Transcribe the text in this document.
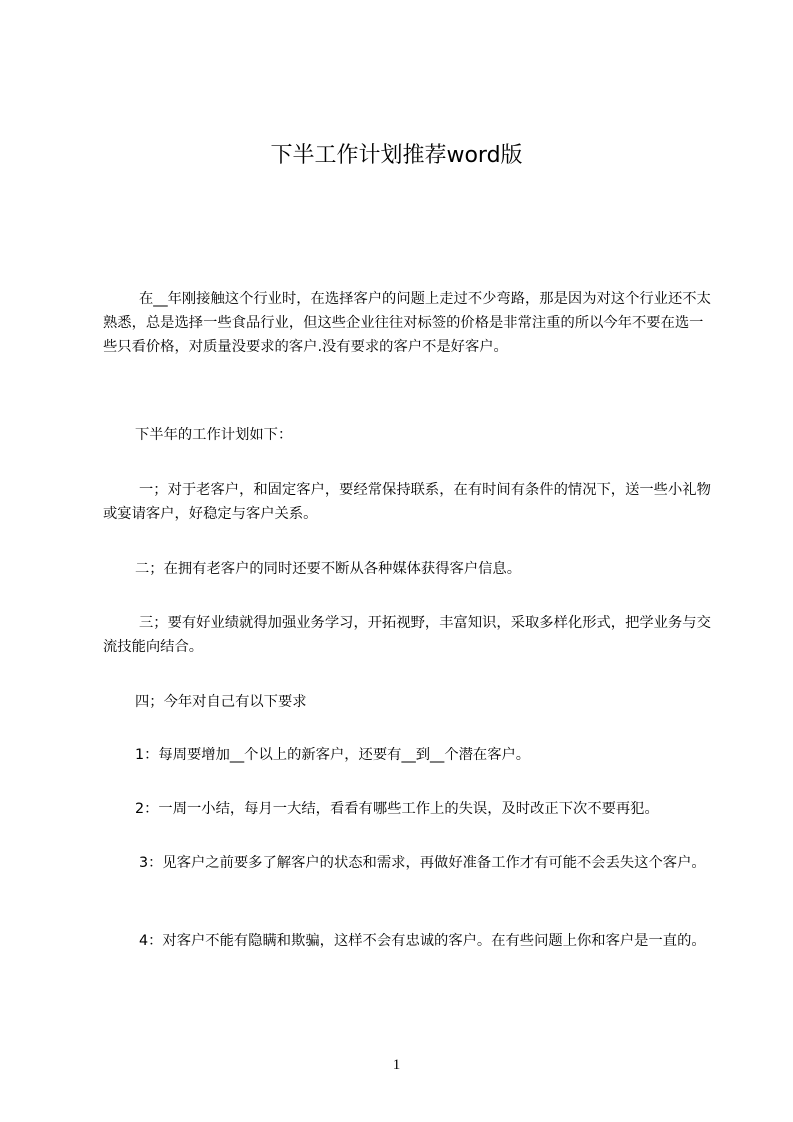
下半工作计划推荐word版

在__年刚接触这个行业时，在选择客户的问题上走过不少弯路，那是因为对这个行业还不太熟悉，总是选择一些食品行业，但这些企业往往对标签的价格是非常注重的所以今年不要在选一些只看价格，对质量没要求的客户.没有要求的客户不是好客户。

下半年的工作计划如下：

一；对于老客户，和固定客户，要经常保持联系，在有时间有条件的情况下，送一些小礼物或宴请客户，好稳定与客户关系。

二；在拥有老客户的同时还要不断从各种媒体获得客户信息。

三；要有好业绩就得加强业务学习，开拓视野，丰富知识，采取多样化形式，把学业务与交流技能向结合。

四；今年对自己有以下要求

1：每周要增加__个以上的新客户，还要有__到__个潜在客户。

2：一周一小结，每月一大结，看看有哪些工作上的失误，及时改正下次不要再犯。

3：见客户之前要多了解客户的状态和需求，再做好准备工作才有可能不会丢失这个客户。

4：对客户不能有隐瞒和欺骗，这样不会有忠诚的客户。在有些问题上你和客户是一直的。

1
